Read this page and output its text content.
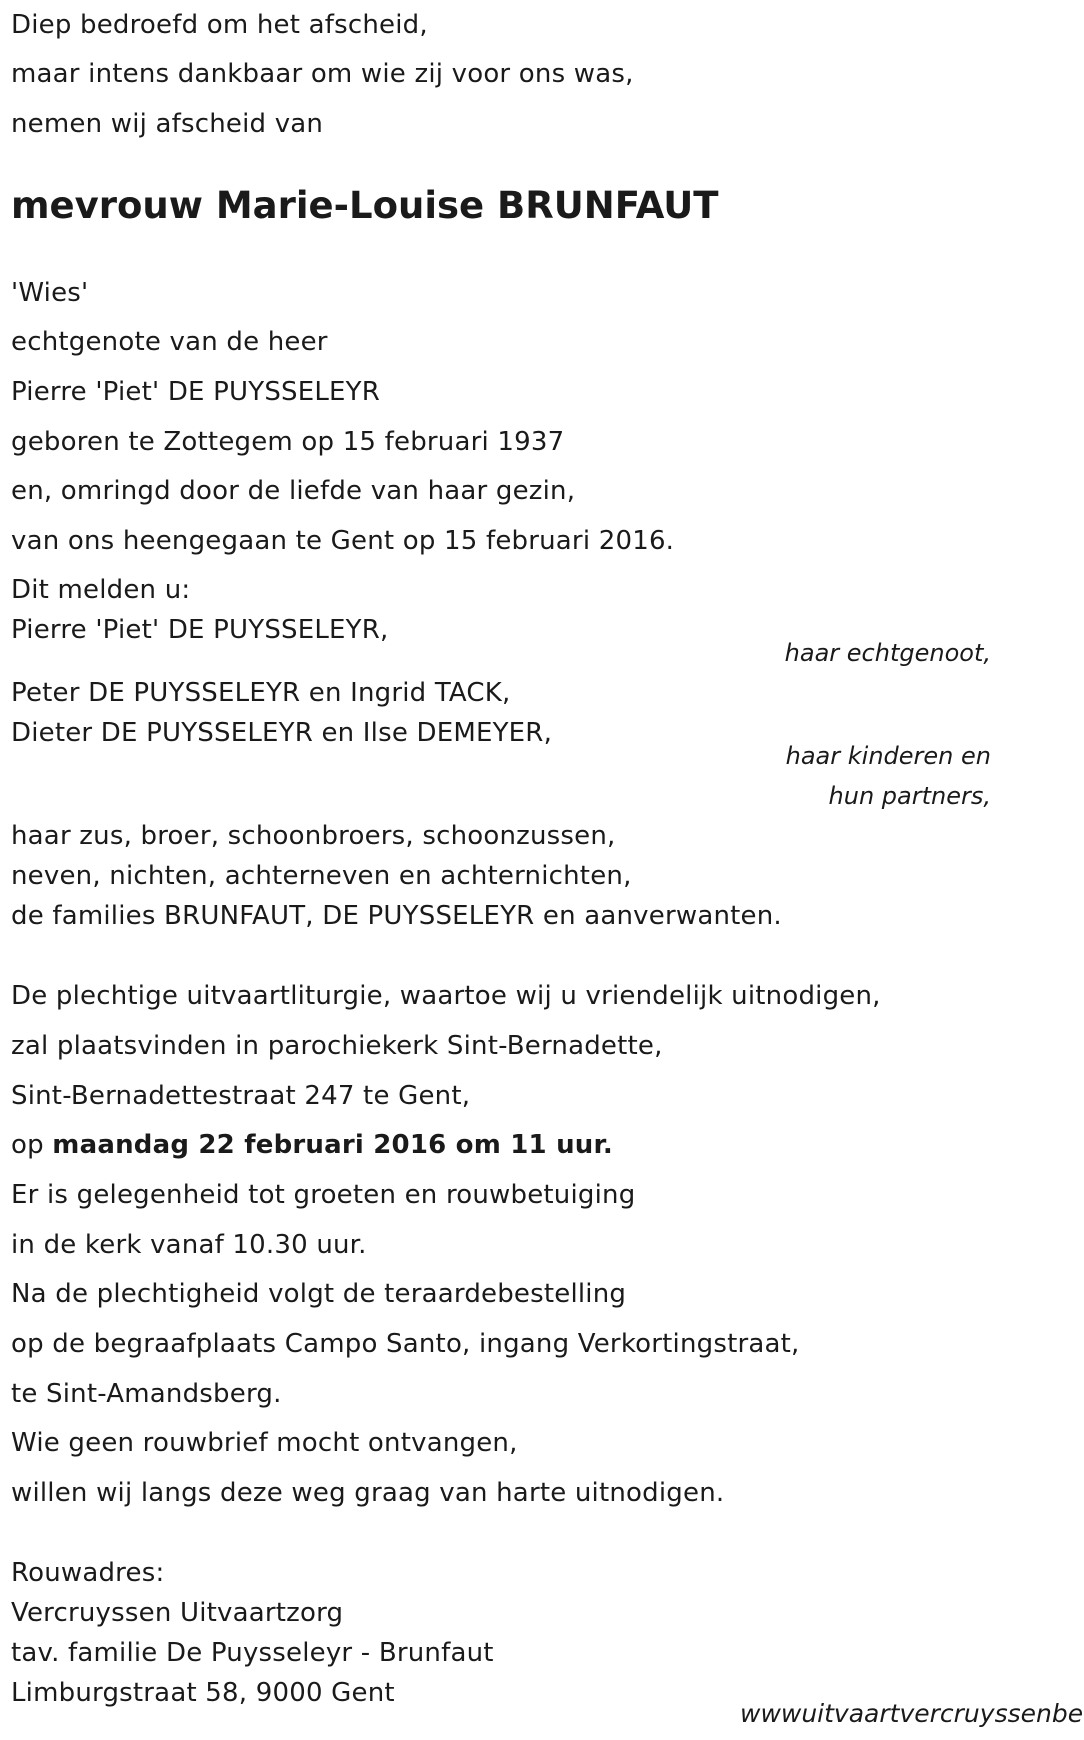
Diep bedroefd om het afscheid,
maar intens dankbaar om wie zij voor ons was,
nemen wij afscheid van
mevrouw Marie-Louise BRUNFAUT
'Wies'
echtgenote van de heer
Pierre 'Piet' DE PUYSSELEYR
geboren te Zottegem op 15 februari 1937
en, omringd door de liefde van haar gezin,
van ons heengegaan te Gent op 15 februari 2016.
Dit melden u:
Pierre 'Piet' DE PUYSSELEYR,
haar echtgenoot,
Peter DE PUYSSELEYR en Ingrid TACK,
Dieter DE PUYSSELEYR en Ilse DEMEYER,
haar kinderen en
hun partners,
haar zus, broer, schoonbroers, schoonzussen,
neven, nichten, achterneven en achternichten,
de families BRUNFAUT, DE PUYSSELEYR en aanverwanten.
De plechtige uitvaartliturgie, waartoe wij u vriendelijk uitnodigen,
zal plaatsvinden in parochiekerk Sint-Bernadette,
Sint-Bernadettestraat 247 te Gent,
op maandag 22 februari 2016 om 11 uur.
Er is gelegenheid tot groeten en rouwbetuiging
in de kerk vanaf 10.30 uur.
Na de plechtigheid volgt de teraardebestelling
op de begraafplaats Campo Santo, ingang Verkortingstraat,
te Sint-Amandsberg.
Wie geen rouwbrief mocht ontvangen,
willen wij langs deze weg graag van harte uitnodigen.
Rouwadres:
Vercruyssen Uitvaartzorg
tav. familie De Puysseleyr - Brunfaut
Limburgstraat 58, 9000 Gent
wwwuitvaartvercruyssenbe
